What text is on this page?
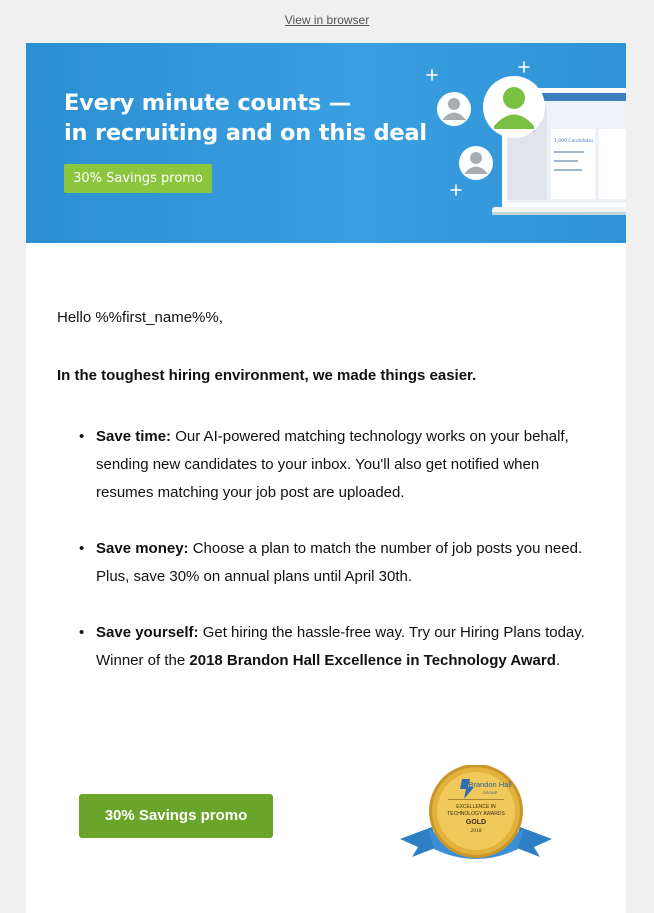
View in browser
Every minute counts —
in recruiting and on this deal
30% Savings promo
1,000 Candidates
Hello %%first_name%%,
In the toughest hiring environment, we made things easier.
• Save time: Our AI-powered matching technology works on your behalf, sending new candidates to your inbox. You'll also get notified when resumes matching your job post are uploaded.
• Save money: Choose a plan to match the number of job posts you need. Plus, save 30% on annual plans until April 30th.
• Save yourself: Get hiring the hassle-free way. Try our Hiring Plans today. Winner of the 2018 Brandon Hall Excellence in Technology Award.
30% Savings promo
Brandon Hall
GROUP
EXCELLENCE IN
TECHNOLOGY AWARDS
GOLD
2018
